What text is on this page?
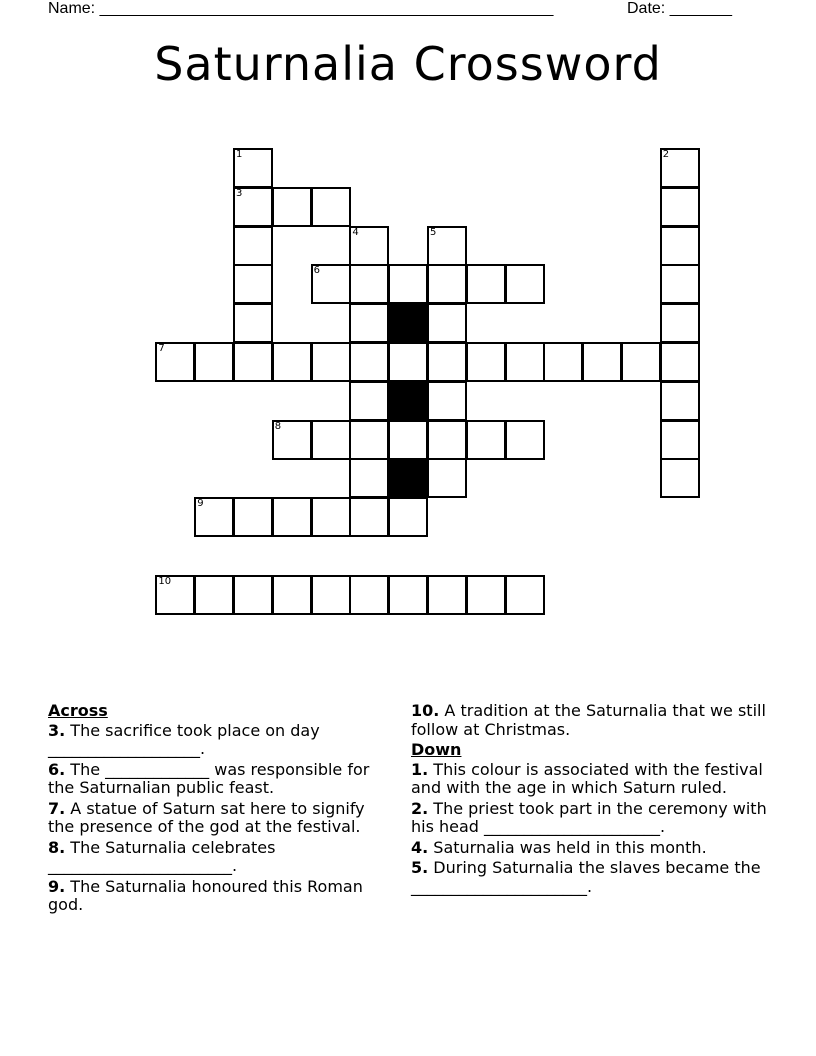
Name: ___________________________________________________	Date: _______
Saturnalia Crossword
1	2
3
4	5
6
7
8
9
10
Across
3. The sacrifice took place on day ___________________.
6. The _____________ was responsible for the Saturnalian public feast.
7. A statue of Saturn sat here to signify the presence of the god at the festival.
8. The Saturnalia celebrates _______________________.
9. The Saturnalia honoured this Roman god.
10. A tradition at the Saturnalia that we still follow at Christmas.
Down
1. This colour is associated with the festival and with the age in which Saturn ruled.
2. The priest took part in the ceremony with his head ______________________.
4. Saturnalia was held in this month.
5. During Saturnalia the slaves became the ______________________.
